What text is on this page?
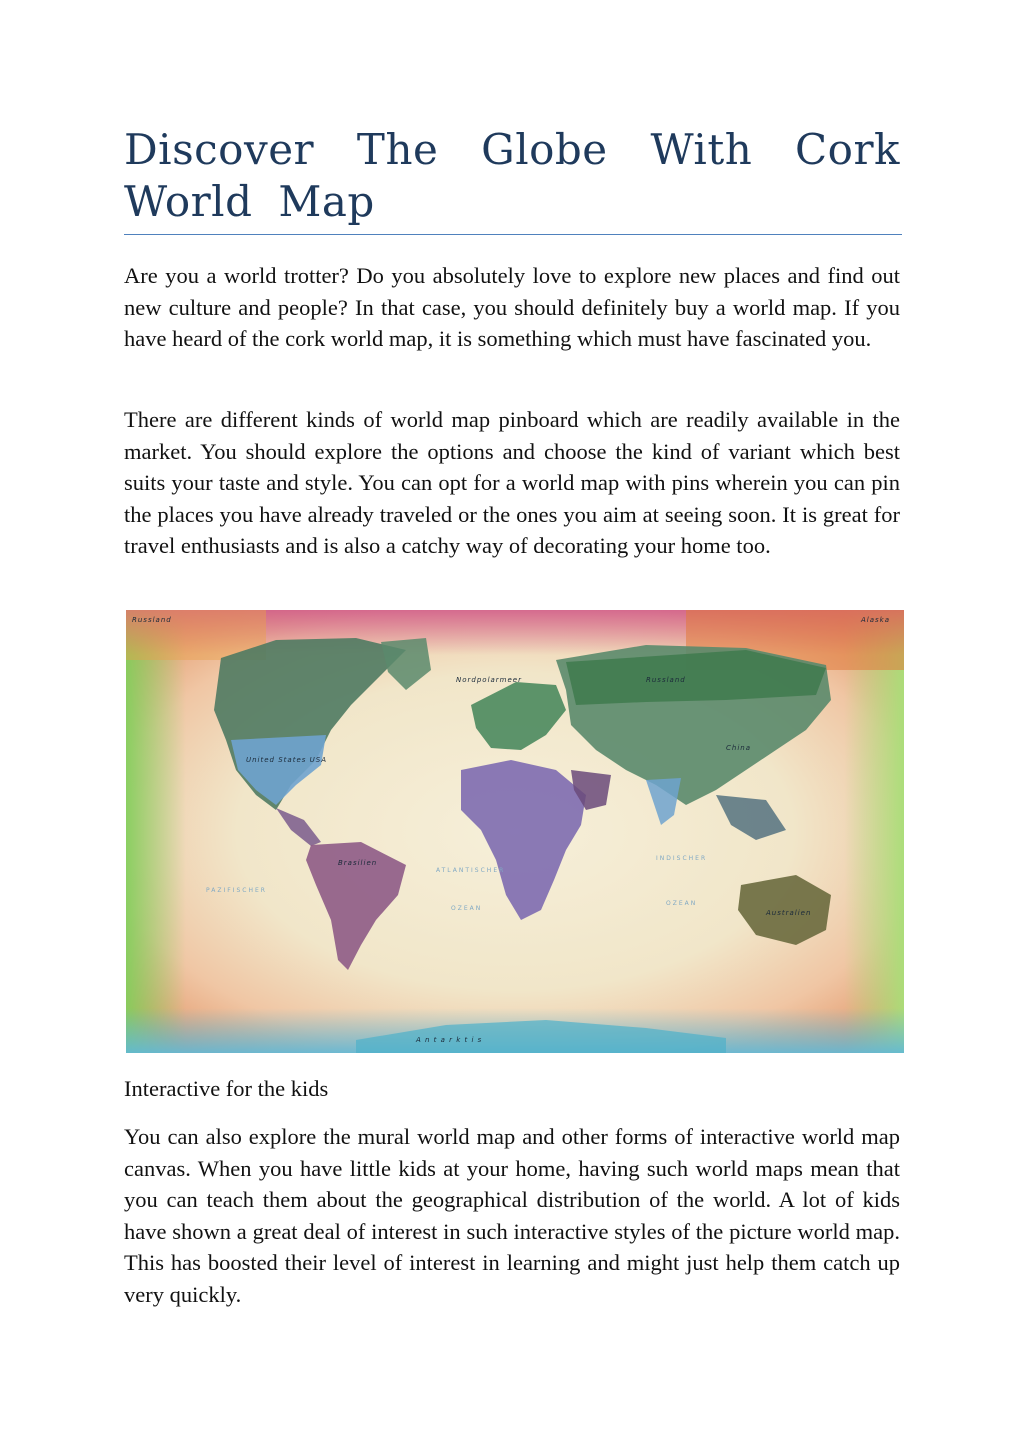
Discover The Globe With Cork World Map

Are you a world trotter? Do you absolutely love to explore new places and find out new culture and people? In that case, you should definitely buy a world map. If you have heard of the cork world map, it is something which must have fascinated you.

There are different kinds of world map pinboard which are readily available in the market. You should explore the options and choose the kind of variant which best suits your taste and style. You can opt for a world map with pins wherein you can pin the places you have already traveled or the ones you aim at seeing soon. It is great for travel enthusiasts and is also a catchy way of decorating your home too.

United States USA
Brasilien
Russland
China
Australien
Alaska
Russland
A n t a r k t i s
Nordpolarmeer
ATLANTISCHER
OZEAN
PAZIFISCHER
INDISCHER
OZEAN
Interactive for the kids

You can also explore the mural world map and other forms of interactive world map canvas. When you have little kids at your home, having such world maps mean that you can teach them about the geographical distribution of the world. A lot of kids have shown a great deal of interest in such interactive styles of the picture world map. This has boosted their level of interest in learning and might just help them catch up very quickly.
